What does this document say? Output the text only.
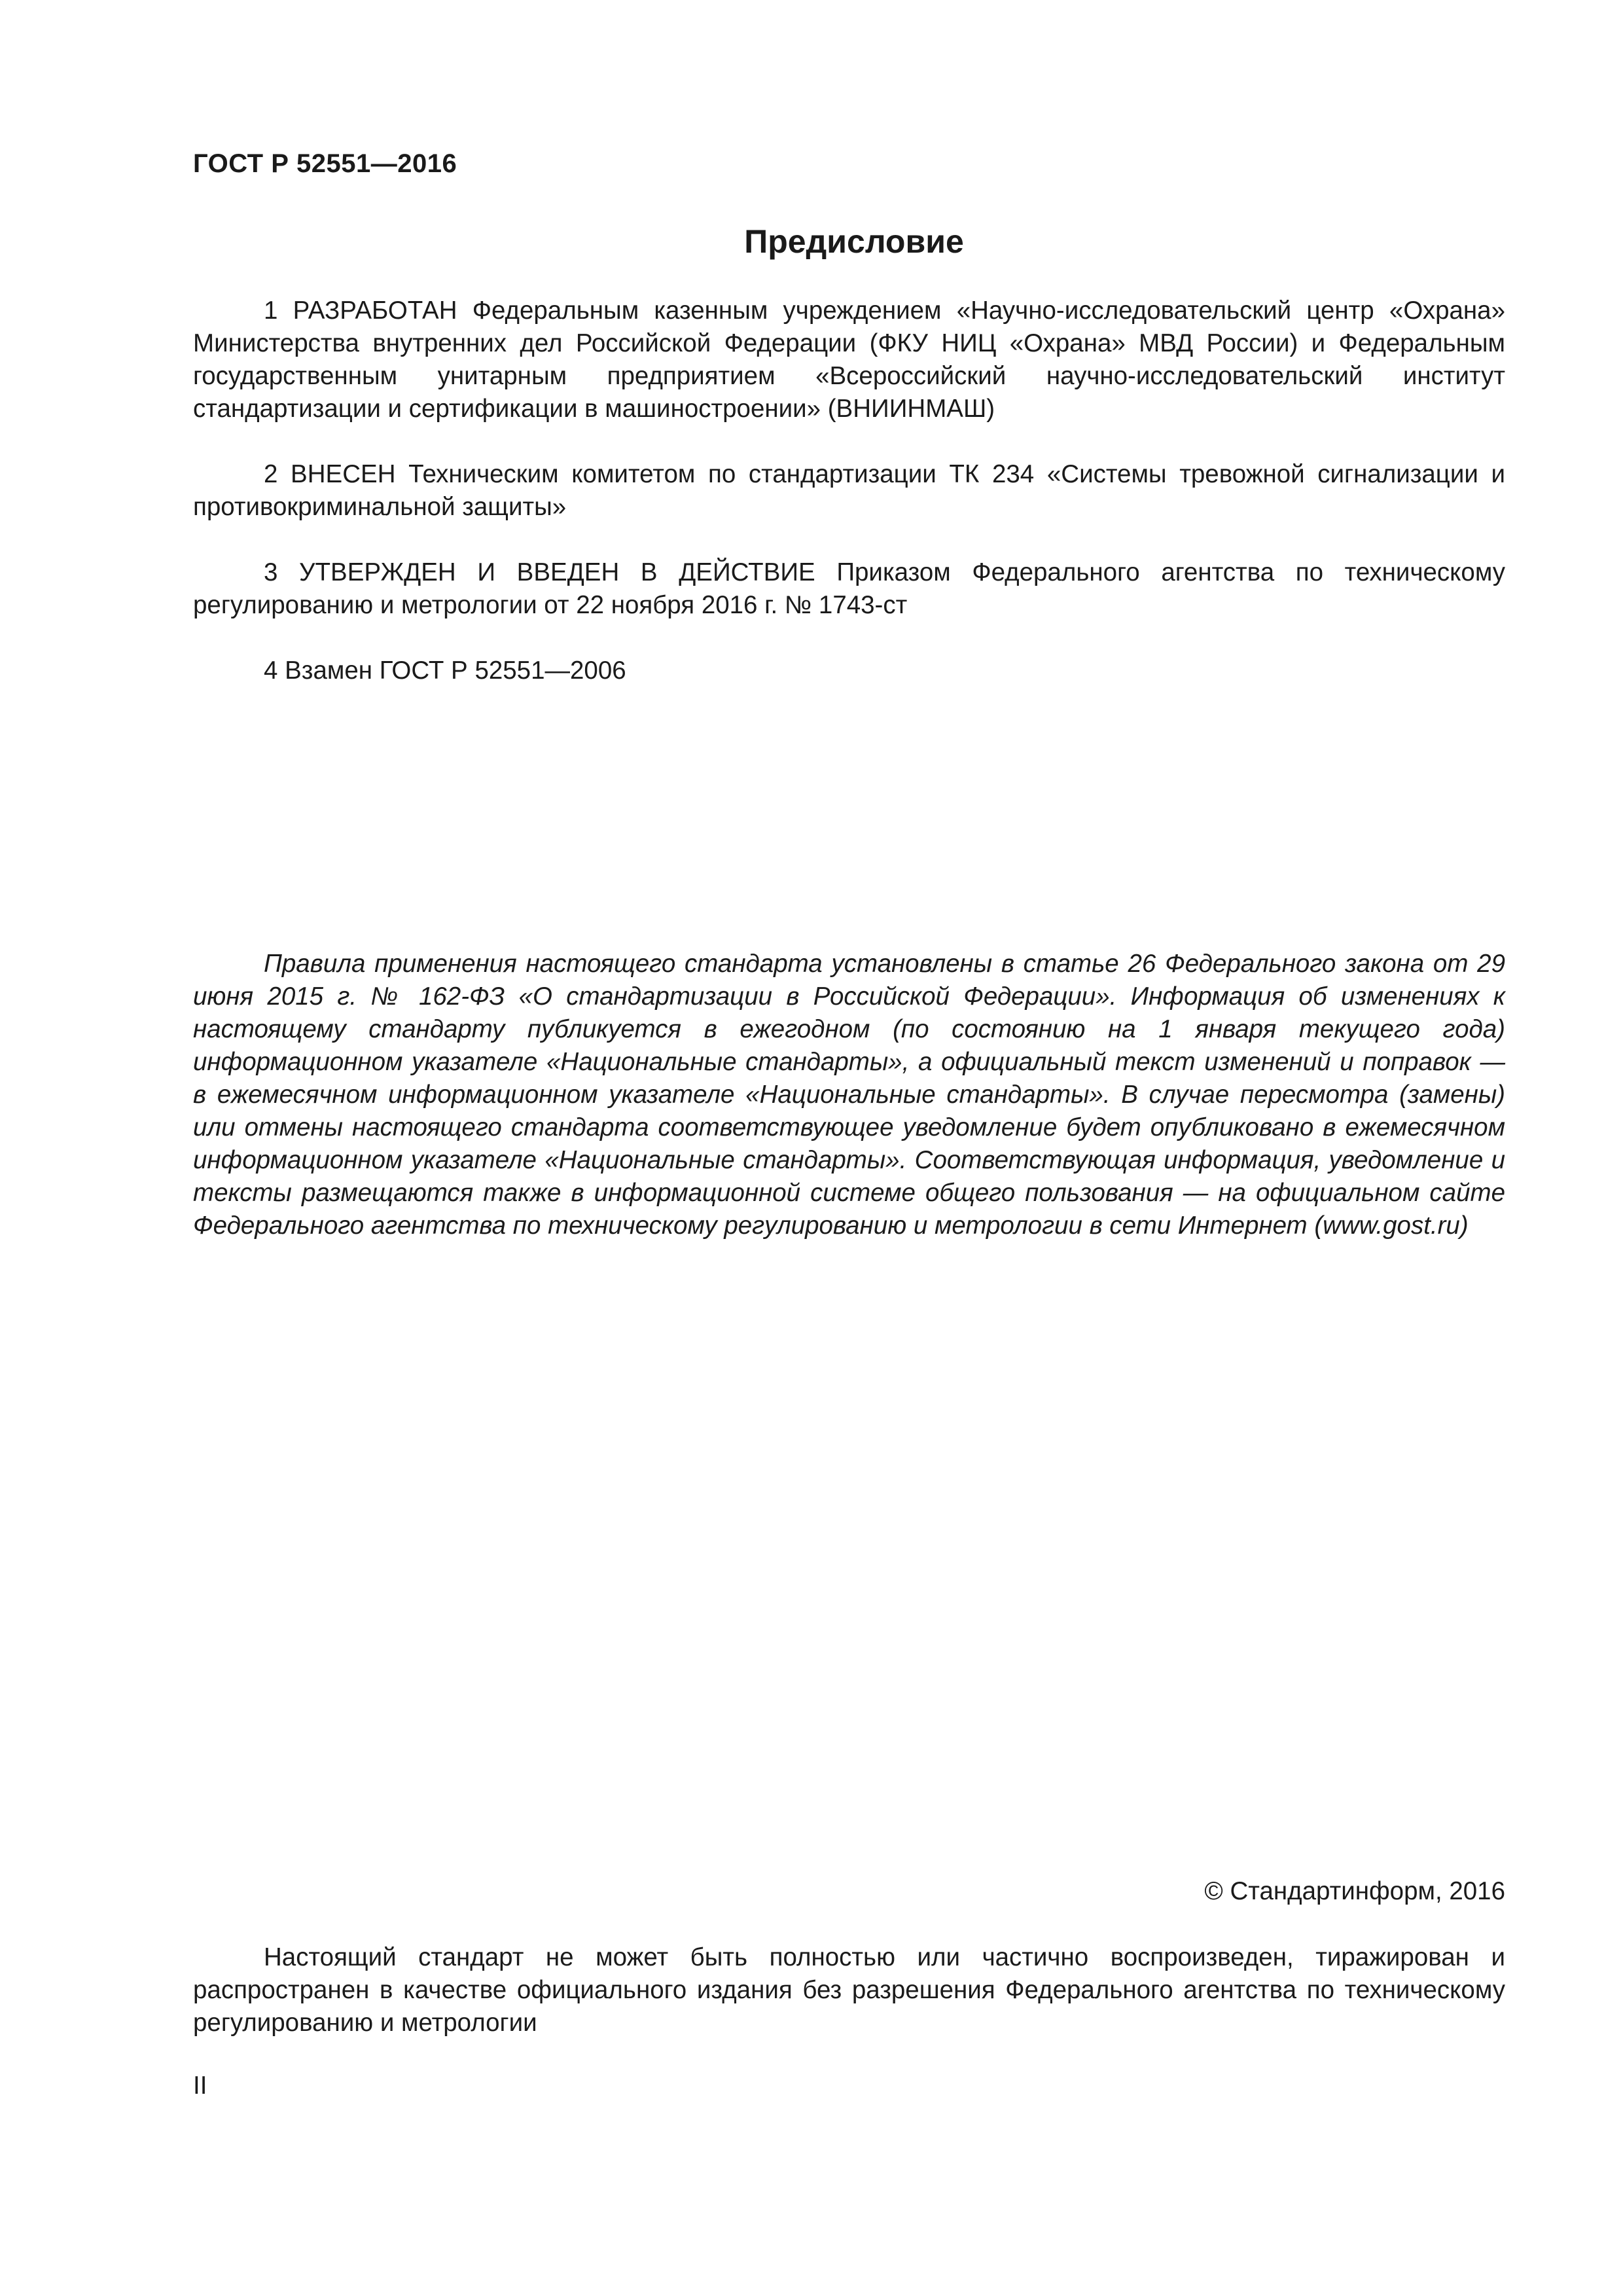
ГОСТ Р 52551—2016
Предисловие

1 РАЗРАБОТАН Федеральным казенным учреждением «Научно-исследовательский центр «Охрана» Министерства внутренних дел Российской Федерации (ФКУ НИЦ «Охрана» МВД России) и Федеральным государственным унитарным предприятием «Всероссийский научно-исследовательский институт стандартизации и сертификации в машиностроении» (ВНИИНМАШ)

2 ВНЕСЕН Техническим комитетом по стандартизации ТК 234 «Системы тревожной сигнализации и противокриминальной защиты»

3 УТВЕРЖДЕН И ВВЕДЕН В ДЕЙСТВИЕ Приказом Федерального агентства по техническому регулированию и метрологии от 22 ноября 2016 г. № 1743-ст

4 Взамен ГОСТ Р 52551—2006

Правила применения настоящего стандарта установлены в статье 26 Федерального закона от 29 июня 2015 г. № 162-ФЗ «О стандартизации в Российской Федерации». Информация об изменениях к настоящему стандарту публикуется в ежегодном (по состоянию на 1 января текущего года) информационном указателе «Национальные стандарты», а официальный текст изменений и поправок — в ежемесячном информационном указателе «Национальные стандарты». В случае пересмотра (замены) или отмены настоящего стандарта соответствующее уведомление будет опубликовано в ежемесячном информационном указателе «Национальные стандарты». Соответствующая информация, уведомление и тексты размещаются также в информационной системе общего пользования — на официальном сайте Федерального агентства по техническому регулированию и метрологии в сети Интернет (www.gost.ru)

© Стандартинформ, 2016

Настоящий стандарт не может быть полностью или частично воспроизведен, тиражирован и распространен в качестве официального издания без разрешения Федерального агентства по техническому регулированию и метрологии

II
